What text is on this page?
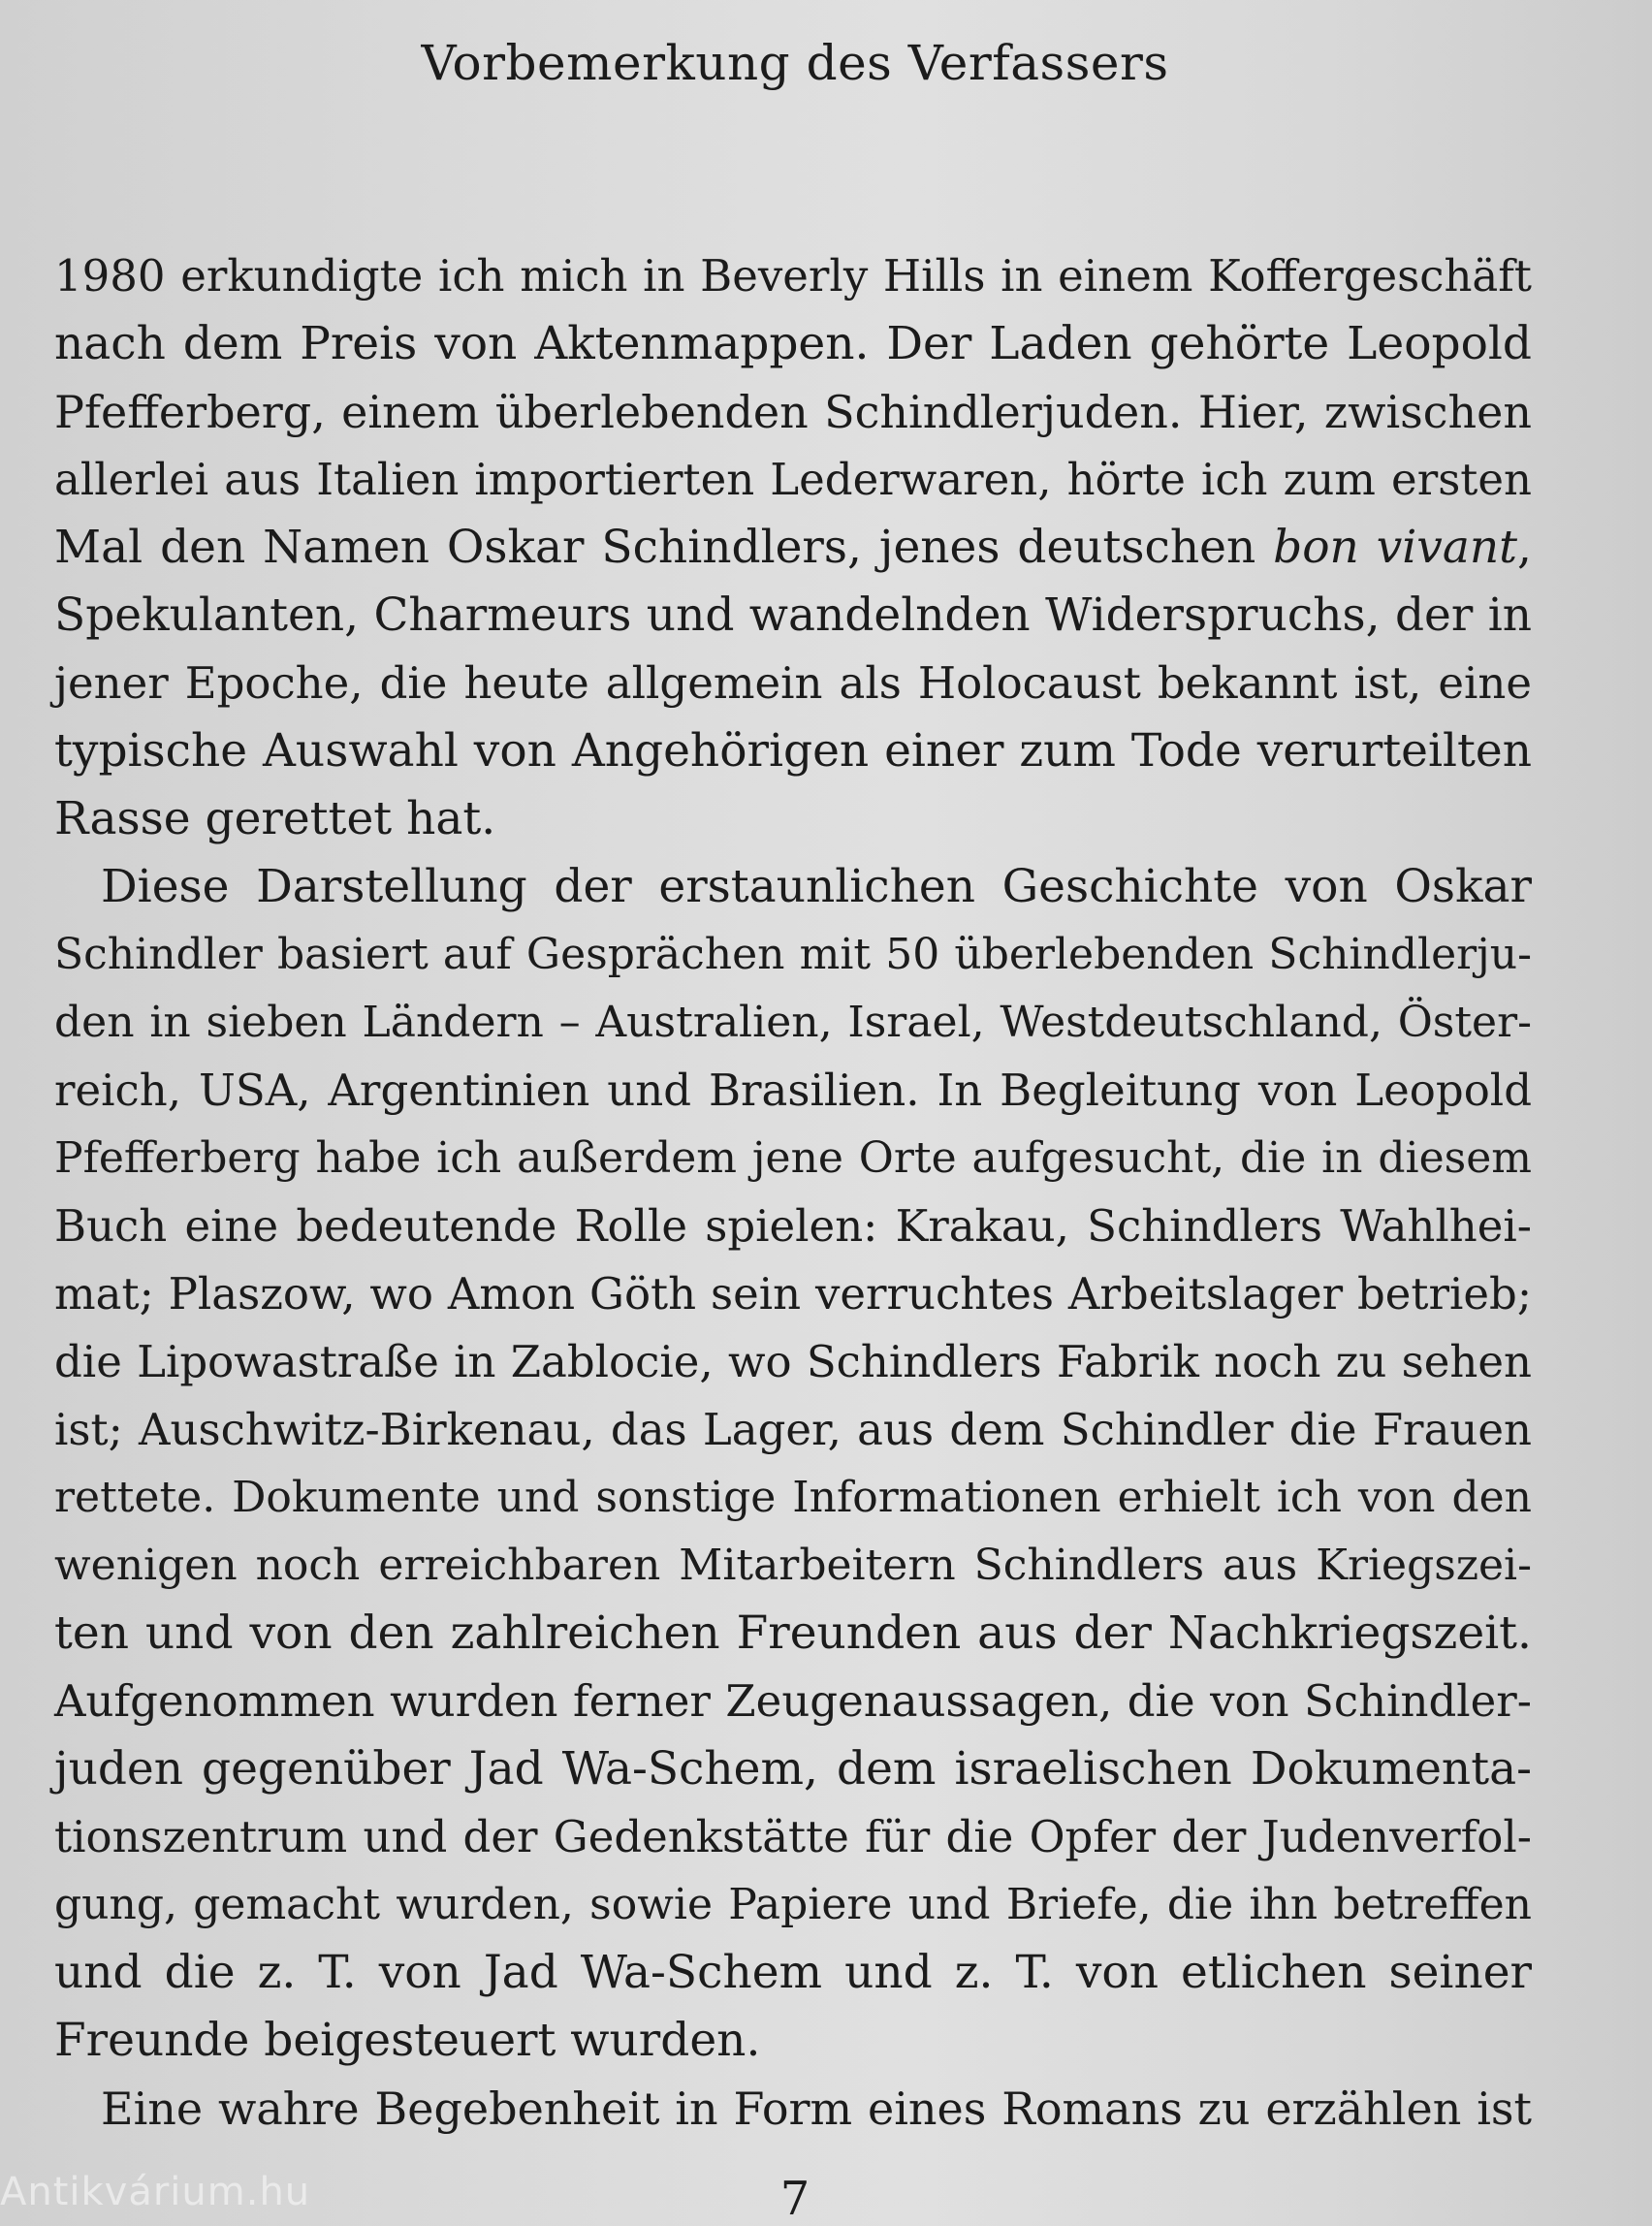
Vorbemerkung des Verfassers
1980 erkundigte ich mich in Beverly Hills in einem Koffergeschäft
nach dem Preis von Aktenmappen. Der Laden gehörte Leopold
Pfefferberg, einem überlebenden Schindlerjuden. Hier, zwischen
allerlei aus Italien importierten Lederwaren, hörte ich zum ersten
Mal den Namen Oskar Schindlers, jenes deutschen bon vivant,
Spekulanten, Charmeurs und wandelnden Widerspruchs, der in
jener Epoche, die heute allgemein als Holocaust bekannt ist, eine
typische Auswahl von Angehörigen einer zum Tode verurteilten
Rasse gerettet hat.
Diese Darstellung der erstaunlichen Geschichte von Oskar
Schindler basiert auf Gesprächen mit 50 überlebenden Schindlerju-
den in sieben Ländern – Australien, Israel, Westdeutschland, Öster-
reich, USA, Argentinien und Brasilien. In Begleitung von Leopold
Pfefferberg habe ich außerdem jene Orte aufgesucht, die in diesem
Buch eine bedeutende Rolle spielen: Krakau, Schindlers Wahlhei-
mat; Plaszow, wo Amon Göth sein verruchtes Arbeitslager betrieb;
die Lipowastraße in Zablocie, wo Schindlers Fabrik noch zu sehen
ist; Auschwitz-Birkenau, das Lager, aus dem Schindler die Frauen
rettete. Dokumente und sonstige Informationen erhielt ich von den
wenigen noch erreichbaren Mitarbeitern Schindlers aus Kriegszei-
ten und von den zahlreichen Freunden aus der Nachkriegszeit.
Aufgenommen wurden ferner Zeugenaussagen, die von Schindler-
juden gegenüber Jad Wa-Schem, dem israelischen Dokumenta-
tionszentrum und der Gedenkstätte für die Opfer der Judenverfol-
gung, gemacht wurden, sowie Papiere und Briefe, die ihn betreffen
und die z. T. von Jad Wa-Schem und z. T. von etlichen seiner
Freunde beigesteuert wurden.
Eine wahre Begebenheit in Form eines Romans zu erzählen ist
7
Antikvárium.hu
